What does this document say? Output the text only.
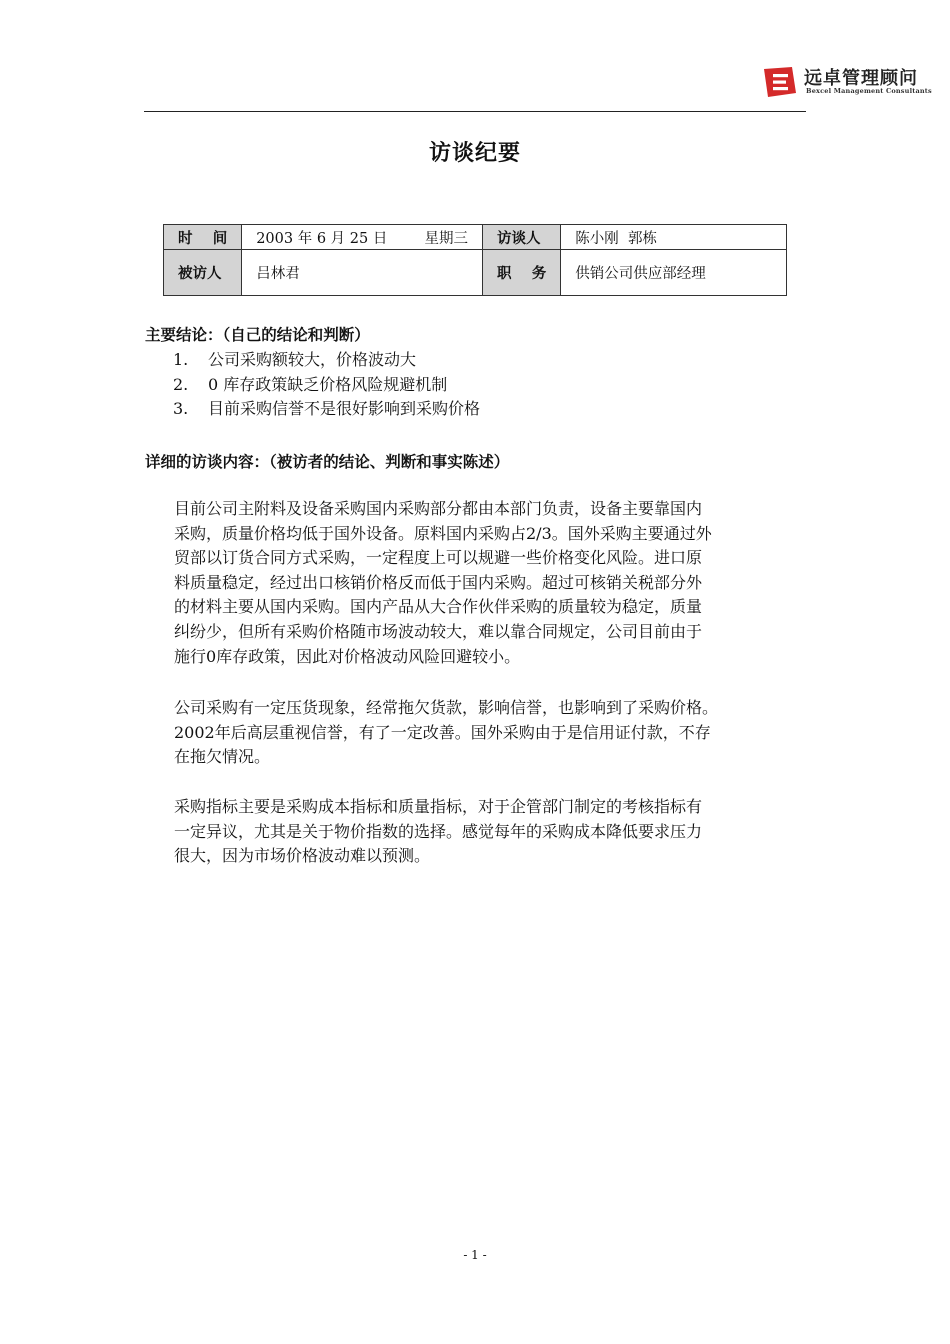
远卓管理顾问
Bexcel Management Consultants
访谈纪要
时    间	2003 年 6 月 25 日 星期三	访谈人	陈小刚  郭栋
被访人	吕林君	职    务	供销公司供应部经理
主要结论：（自己的结论和判断）
1. 公司采购额较大，价格波动大
2. 0 库存政策缺乏价格风险规避机制
3. 目前采购信誉不是很好影响到采购价格
详细的访谈内容：（被访者的结论、判断和事实陈述）
目前公司主附料及设备采购国内采购部分都由本部门负责，设备主要靠国内
采购，质量价格均低于国外设备。原料国内采购占2/3。国外采购主要通过外
贸部以订货合同方式采购，一定程度上可以规避一些价格变化风险。进口原
料质量稳定，经过出口核销价格反而低于国内采购。超过可核销关税部分外
的材料主要从国内采购。国内产品从大合作伙伴采购的质量较为稳定，质量
纠纷少，但所有采购价格随市场波动较大，难以靠合同规定，公司目前由于
施行0库存政策，因此对价格波动风险回避较小。
公司采购有一定压货现象，经常拖欠货款，影响信誉，也影响到了采购价格。
2002年后高层重视信誉，有了一定改善。国外采购由于是信用证付款，不存
在拖欠情况。
采购指标主要是采购成本指标和质量指标，对于企管部门制定的考核指标有
一定异议，尤其是关于物价指数的选择。感觉每年的采购成本降低要求压力
很大，因为市场价格波动难以预测。
- 1 -
